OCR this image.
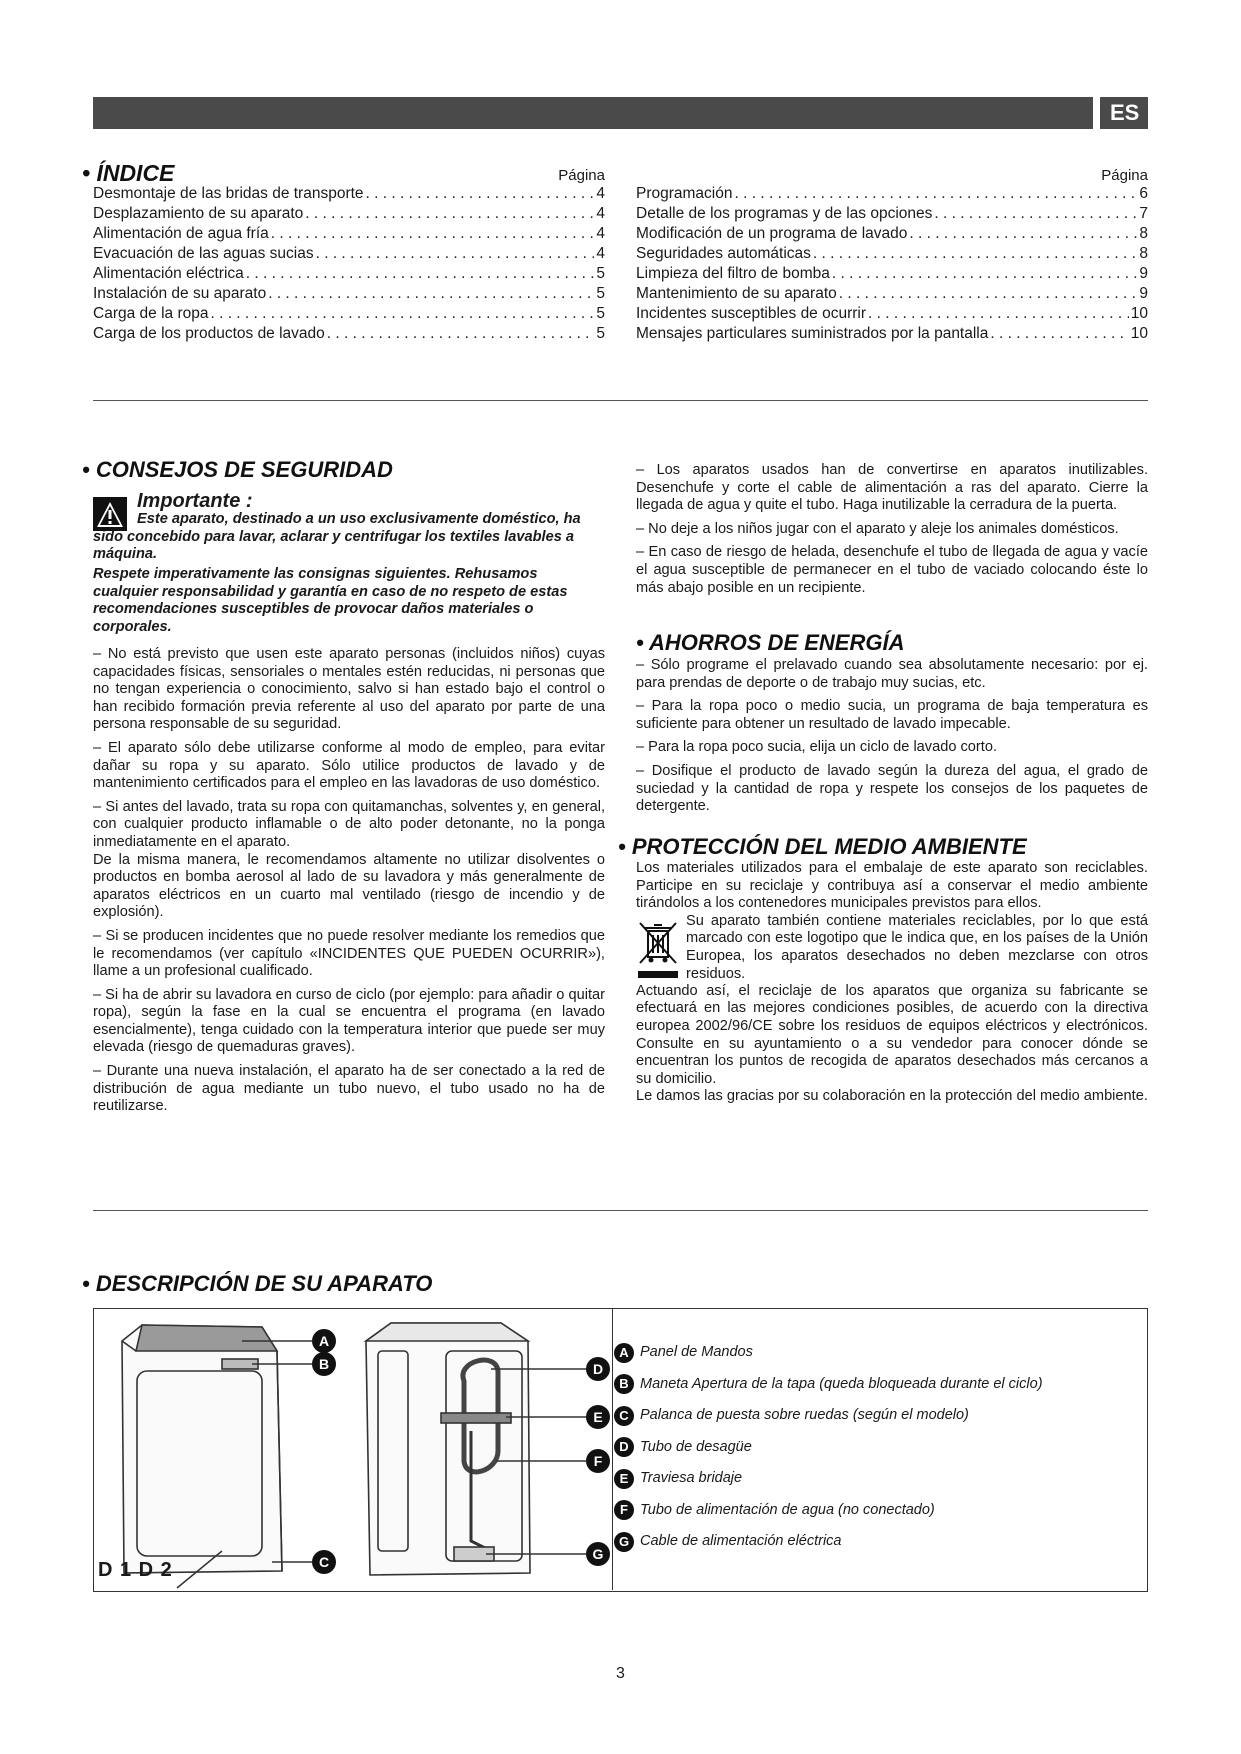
ES
• ÍNDICE	Página	Página
Desmontaje de las bridas de transporte . . .	4
Desplazamiento de su aparato . . .	4
Alimentación de agua fría . . .	4
Evacuación de las aguas sucias . . .	4
Alimentación eléctrica . . .	5
Instalación de su aparato . . .	5
Carga de la ropa . . .	5
Carga de los productos de lavado . . .	5
Programación . . .	6
Detalle de los programas y de las opciones . . .	7
Modificación de un programa de lavado . . .	8
Seguridades automáticas . . .	8
Limpieza del filtro de bomba . . .	9
Mantenimiento de su aparato . . .	9
Incidentes susceptibles de ocurrir . . .	10
Mensajes particulares suministrados por la pantalla . . .	10
• CONSEJOS DE SEGURIDAD
Importante :
Este aparato, destinado a un uso exclusivamente doméstico, ha sido concebido para lavar, aclarar y centrifugar los textiles lavables a máquina.
Respete imperativamente las consignas siguientes. Rehusamos cualquier responsabilidad y garantía en caso de no respeto de estas recomendaciones susceptibles de provocar daños materiales o corporales.

– No está previsto que usen este aparato personas (incluidos niños) cuyas capacidades físicas, sensoriales o mentales estén reducidas, ni personas que no tengan experiencia o conocimiento, salvo si han estado bajo el control o han recibido formación previa referente al uso del aparato por parte de una persona responsable de su seguridad.

– El aparato sólo debe utilizarse conforme al modo de empleo, para evitar dañar su ropa y su aparato. Sólo utilice productos de lavado y de mantenimiento certificados para el empleo en las lavadoras de uso doméstico.

– Si antes del lavado, trata su ropa con quitamanchas, solventes y, en general, con cualquier producto inflamable o de alto poder detonante, no la ponga inmediatamente en el aparato.

De la misma manera, le recomendamos altamente no utilizar disolventes o productos en bomba aerosol al lado de su lavadora y más generalmente de aparatos eléctricos en un cuarto mal ventilado (riesgo de incendio y de explosión).

– Si se producen incidentes que no puede resolver mediante los remedios que le recomendamos (ver capítulo «INCIDENTES QUE PUEDEN OCURRIR»), llame a un profesional cualificado.

– Si ha de abrir su lavadora en curso de ciclo (por ejemplo: para añadir o quitar ropa), según la fase en la cual se encuentra el programa (en lavado esencialmente), tenga cuidado con la temperatura interior que puede ser muy elevada (riesgo de quemaduras graves).

– Durante una nueva instalación, el aparato ha de ser conectado a la red de distribución de agua mediante un tubo nuevo, el tubo usado no ha de reutilizarse.

– Los aparatos usados han de convertirse en aparatos inutilizables. Desenchufe y corte el cable de alimentación a ras del aparato. Cierre la llegada de agua y quite el tubo. Haga inutilizable la cerradura de la puerta.

– No deje a los niños jugar con el aparato y aleje los animales domésticos.

– En caso de riesgo de helada, desenchufe el tubo de llegada de agua y vacíe el agua susceptible de permanecer en el tubo de vaciado colocando éste lo más abajo posible en un recipiente.

• AHORROS DE ENERGÍA

– Sólo programe el prelavado cuando sea absolutamente necesario: por ej. para prendas de deporte o de trabajo muy sucias, etc.

– Para la ropa poco o medio sucia, un programa de baja temperatura es suficiente para obtener un resultado de lavado impecable.

– Para la ropa poco sucia, elija un ciclo de lavado corto.

– Dosifique el producto de lavado según la dureza del agua, el grado de suciedad y la cantidad de ropa y respete los consejos de los paquetes de detergente.

• PROTECCIÓN DEL MEDIO AMBIENTE

Los materiales utilizados para el embalaje de este aparato son reciclables. Participe en su reciclaje y contribuya así a conservar el medio ambiente tirándolos a los contenedores municipales previstos para ellos.

Su aparato también contiene materiales reciclables, por lo que está marcado con este logotipo que le indica que, en los países de la Unión Europea, los aparatos desechados no deben mezclarse con otros residuos.

Actuando así, el reciclaje de los aparatos que organiza su fabricante se efectuará en las mejores condiciones posibles, de acuerdo con la directiva europea 2002/96/CE sobre los residuos de equipos eléctricos y electrónicos. Consulte en su ayuntamiento o a su vendedor para conocer dónde se encuentran los puntos de recogida de aparatos desechados más cercanos a su domicilio.

Le damos las gracias por su colaboración en la protección del medio ambiente.

• DESCRIPCIÓN DE SU APARATO
A
B
C
D 1 D 2
D
E
F
G
A Panel de Mandos
B Maneta Apertura de la tapa (queda bloqueada durante el ciclo)
C Palanca de puesta sobre ruedas (según el modelo)
D Tubo de desagüe
E Traviesa bridaje
F Tubo de alimentación de agua (no conectado)
G Cable de alimentación eléctrica
3
